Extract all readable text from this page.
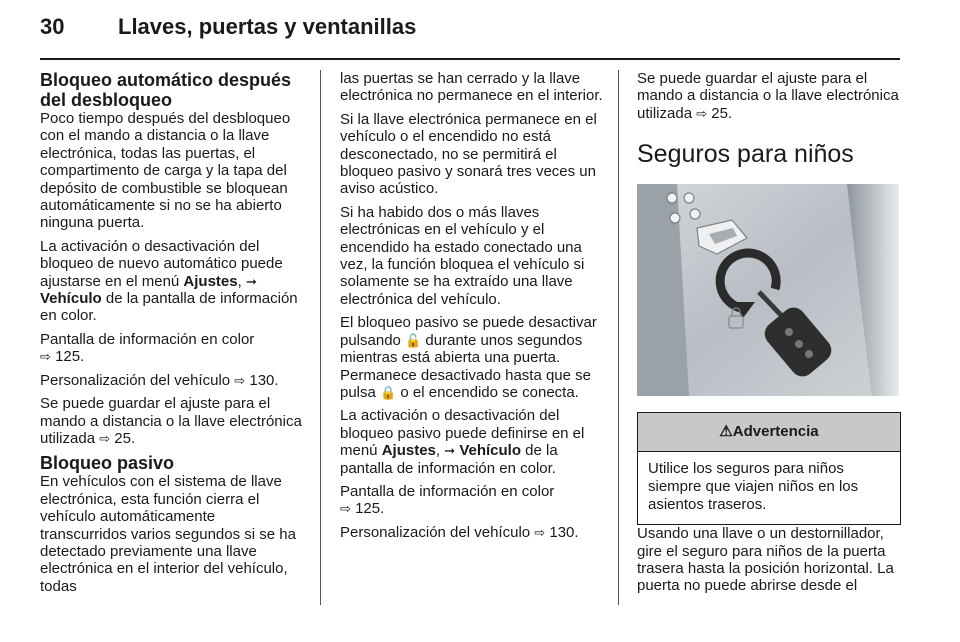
30 Llaves, puertas y ventanillas
Bloqueo automático después del desbloqueo

Poco tiempo después del desbloqueo con el mando a distancia o la llave electrónica, todas las puertas, el compartimento de carga y la tapa del depósito de combustible se bloquean automáticamente si no se ha abierto ninguna puerta.

La activación o desactivación del bloqueo de nuevo automático puede ajustarse en el menú Ajustes, ➞ Vehículo de la pantalla de información en color.

Pantalla de información en color
⇨ 125.

Personalización del vehículo ⇨ 130.

Se puede guardar el ajuste para el mando a distancia o la llave electrónica utilizada ⇨ 25.

Bloqueo pasivo

En vehículos con el sistema de llave electrónica, esta función cierra el vehículo automáticamente transcurridos varios segundos si se ha detectado previamente una llave electrónica en el interior del vehículo, todas

las puertas se han cerrado y la llave electrónica no permanece en el interior.

Si la llave electrónica permanece en el vehículo o el encendido no está desconectado, no se permitirá el bloqueo pasivo y sonará tres veces un aviso acústico.

Si ha habido dos o más llaves electrónicas en el vehículo y el encendido ha estado conectado una vez, la función bloquea el vehículo si solamente se ha extraído una llave electrónica del vehículo.

El bloqueo pasivo se puede desactivar pulsando 🔓 durante unos segundos mientras está abierta una puerta. Permanece desactivado hasta que se pulsa 🔒 o el encendido se conecta.

La activación o desactivación del bloqueo pasivo puede definirse en el menú Ajustes, ➞ Vehículo de la pantalla de información en color.

Pantalla de información en color
⇨ 125.

Personalización del vehículo ⇨ 130.

Se puede guardar el ajuste para el mando a distancia o la llave electrónica utilizada ⇨ 25.

Seguros para niños
⚠Advertencia
Utilice los seguros para niños siempre que viajen niños en los asientos traseros.

Usando una llave o un destornillador, gire el seguro para niños de la puerta trasera hasta la posición horizontal. La puerta no puede abrirse desde el
